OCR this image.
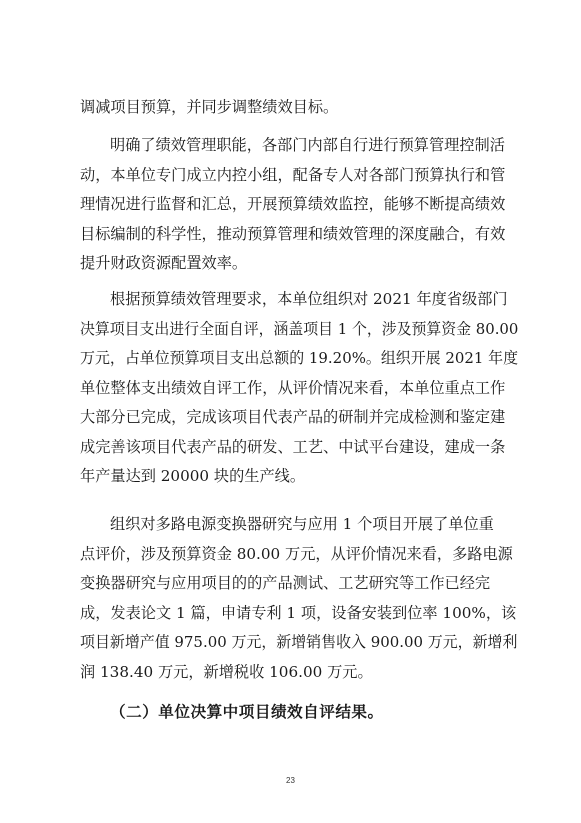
调减项目预算，并同步调整绩效目标。
明确了绩效管理职能，各部门内部自行进行预算管理控制活
动，本单位专门成立内控小组，配备专人对各部门预算执行和管
理情况进行监督和汇总，开展预算绩效监控，能够不断提高绩效
目标编制的科学性，推动预算管理和绩效管理的深度融合，有效
提升财政资源配置效率。
根据预算绩效管理要求，本单位组织对 2021 年度省级部门
决算项目支出进行全面自评，涵盖项目 1 个，涉及预算资金 80.00
万元，占单位预算项目支出总额的 19.20%。组织开展 2021 年度
单位整体支出绩效自评工作，从评价情况来看，本单位重点工作
大部分已完成，完成该项目代表产品的研制并完成检测和鉴定建
成完善该项目代表产品的研发、工艺、中试平台建设，建成一条
年产量达到 20000 块的生产线。
组织对多路电源变换器研究与应用 1 个项目开展了单位重
点评价，涉及预算资金 80.00 万元，从评价情况来看，多路电源
变换器研究与应用项目的的产品测试、工艺研究等工作已经完
成，发表论文 1 篇，申请专利 1 项，设备安装到位率 100%，该
项目新增产值 975.00 万元，新增销售收入 900.00 万元，新增利
润 138.40 万元，新增税收 106.00 万元。
（二）单位决算中项目绩效自评结果。
23
